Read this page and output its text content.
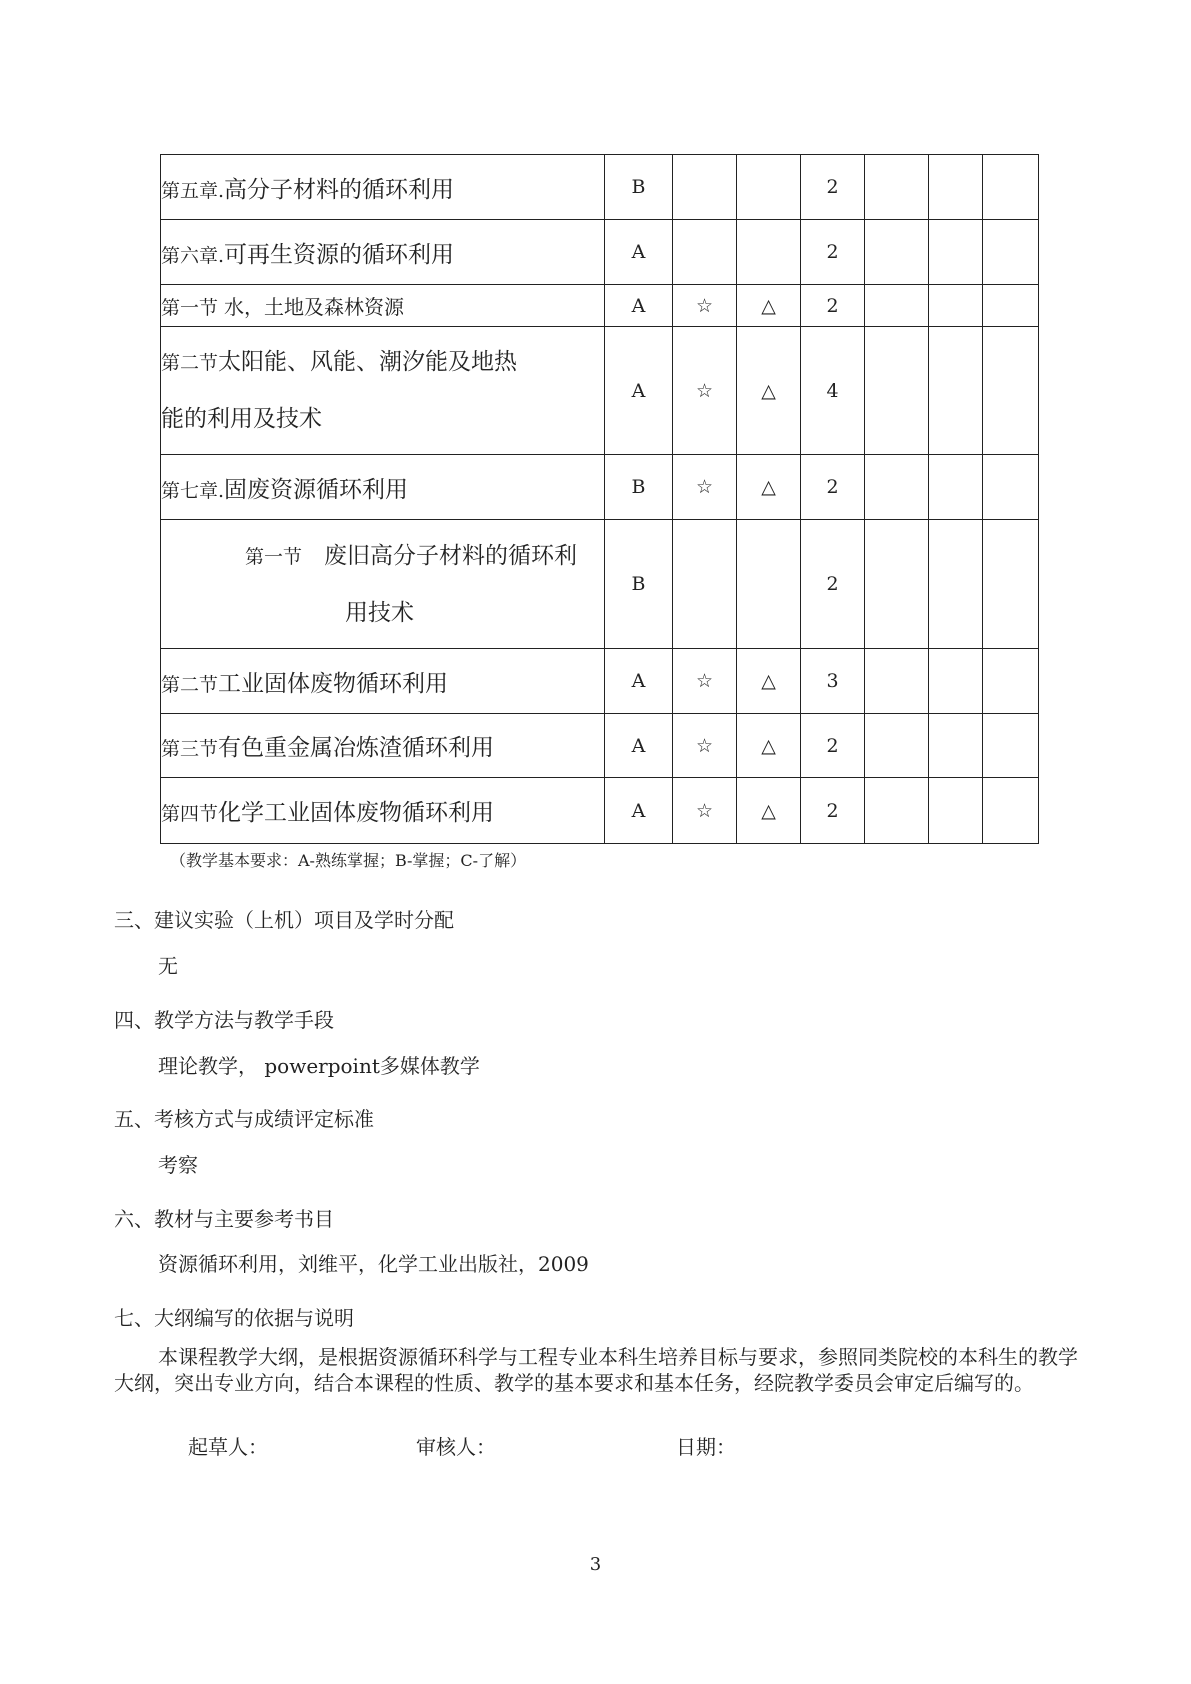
第五章.高分子材料的循环利用	B			2			
第六章.可再生资源的循环利用	A			2			
第一节 水，土地及森林资源	A	☆	△	2			
第二节太阳能、风能、潮汐能及地热
能的利用及技术	A	☆	△	4			
第七章.固废资源循环利用	B	☆	△	2			
第一节 废旧高分子材料的循环利
用技术	B			2			
第二节工业固体废物循环利用	A	☆	△	3			
第三节有色重金属冶炼渣循环利用	A	☆	△	2			
第四节化学工业固体废物循环利用	A	☆	△	2			
（教学基本要求：A-熟练掌握；B-掌握；C-了解）
三、建议实验（上机）项目及学时分配
无
四、教学方法与教学手段
理论教学， powerpoint多媒体教学
五、考核方式与成绩评定标准
考察
六、教材与主要参考书目
资源循环利用，刘维平，化学工业出版社，2009
七、大纲编写的依据与说明
本课程教学大纲，是根据资源循环科学与工程专业本科生培养目标与要求，参照同类院校的本科生的教学大纲，突出专业方向，结合本课程的性质、教学的基本要求和基本任务，经院教学委员会审定后编写的。
起草人：	审核人：	日期：
3
